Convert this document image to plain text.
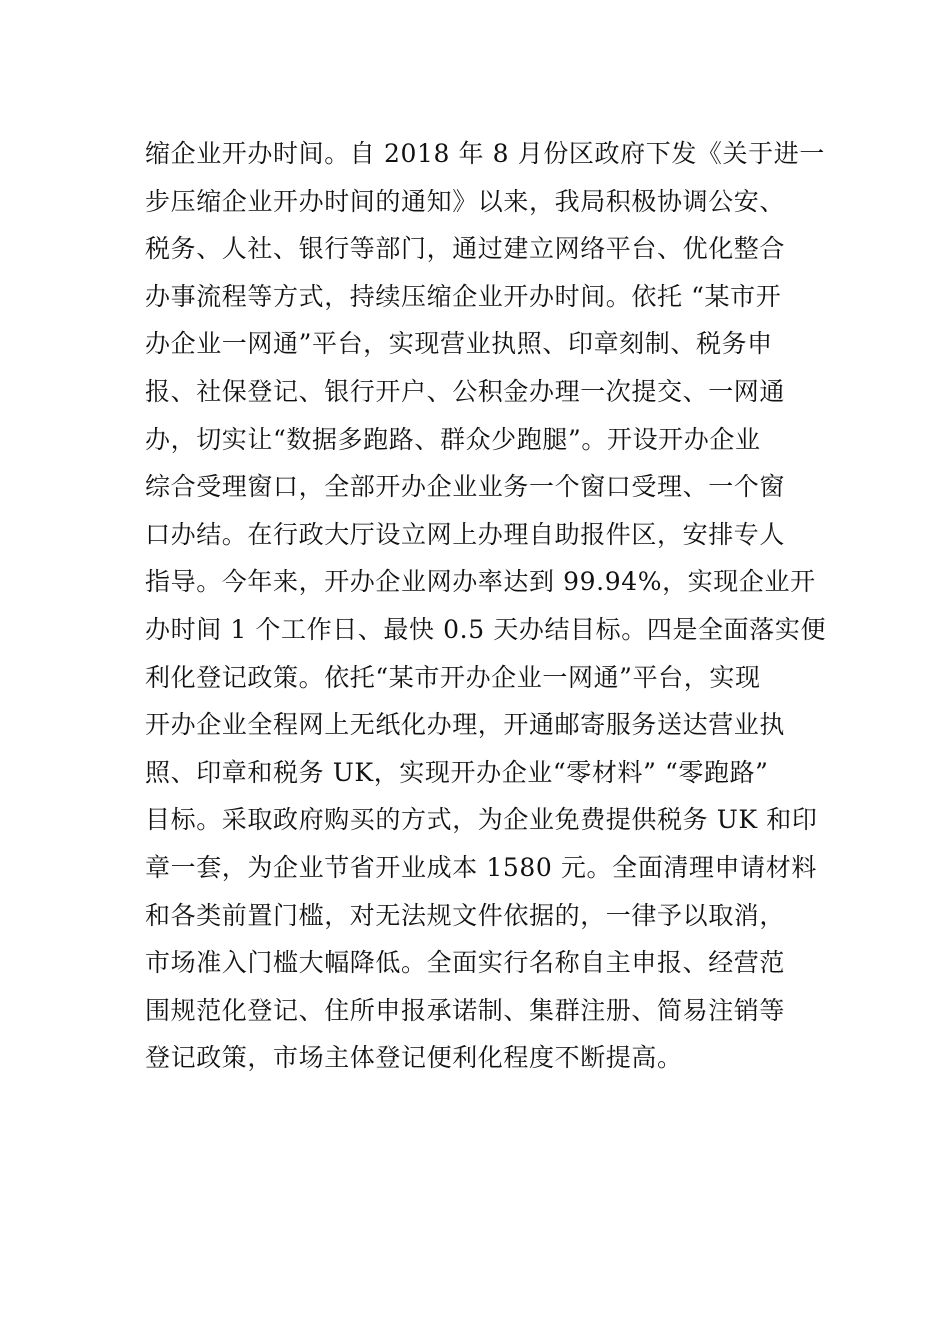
缩企业开办时间。自 2018 年 8 月份区政府下发《关于进一
步压缩企业开办时间的通知》以来，我局积极协调公安、
税务、人社、银行等部门，通过建立网络平台、优化整合
办事流程等方式，持续压缩企业开办时间。依托 “某市开
办企业一网通”平台，实现营业执照、印章刻制、税务申
报、社保登记、银行开户、公积金办理一次提交、一网通
办，切实让“数据多跑路、群众少跑腿”。开设开办企业
综合受理窗口，全部开办企业业务一个窗口受理、一个窗
口办结。在行政大厅设立网上办理自助报件区，安排专人
指导。今年来，开办企业网办率达到 99.94%，实现企业开
办时间 1 个工作日、最快 0.5 天办结目标。四是全面落实便
利化登记政策。依托“某市开办企业一网通”平台，实现
开办企业全程网上无纸化办理，开通邮寄服务送达营业执
照、印章和税务 UK，实现开办企业“零材料” “零跑路”
目标。采取政府购买的方式，为企业免费提供税务 UK 和印
章一套，为企业节省开业成本 1580 元。全面清理申请材料
和各类前置门槛，对无法规文件依据的，一律予以取消，
市场准入门槛大幅降低。全面实行名称自主申报、经营范
围规范化登记、住所申报承诺制、集群注册、简易注销等
登记政策，市场主体登记便利化程度不断提高。
